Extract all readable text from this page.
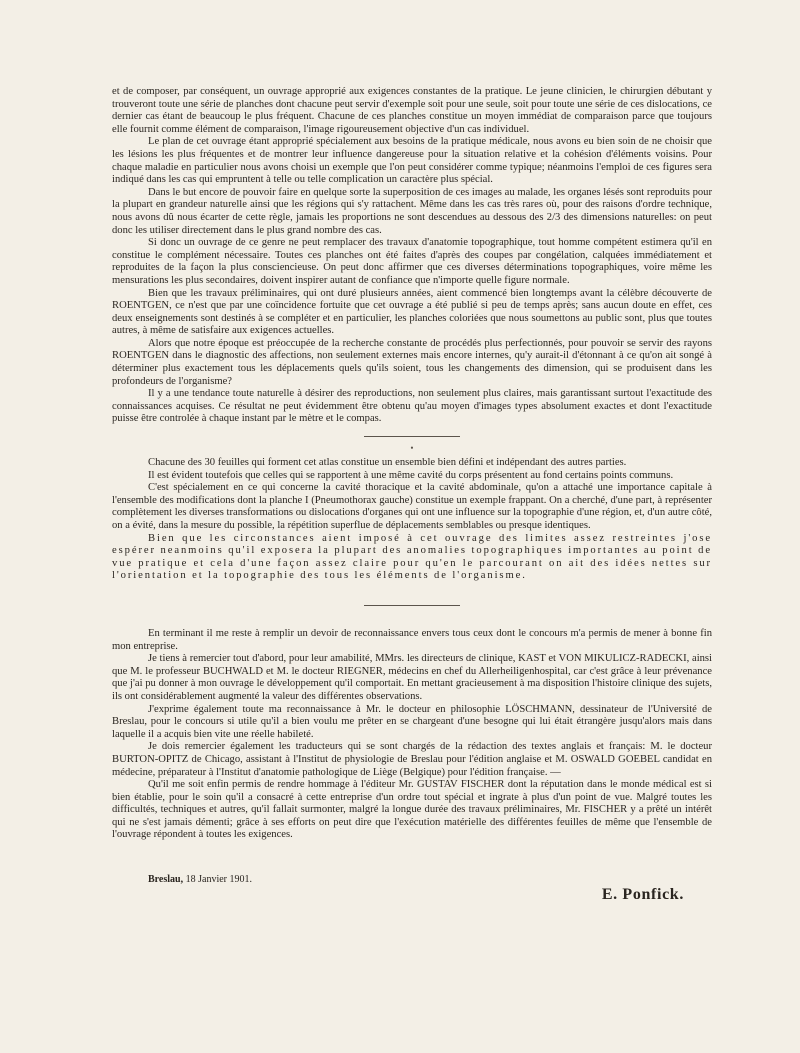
et de composer, par conséquent, un ouvrage approprié aux exigences constantes de la pratique. Le jeune clinicien, le chirurgien débutant y trouveront toute une série de planches dont chacune peut servir d'exemple soit pour une seule, soit pour toute une série de ces dislocations, ce dernier cas étant de beaucoup le plus fréquent. Chacune de ces planches constitue un moyen immédiat de comparaison parce que toujours elle fournit comme élément de comparaison, l'image rigoureusement objective d'un cas individuel.

Le plan de cet ouvrage étant approprié spécialement aux besoins de la pratique médicale, nous avons eu bien soin de ne choisir que les lésions les plus fréquentes et de montrer leur influence dangereuse pour la situation relative et la cohésion d'éléments voisins. Pour chaque maladie en particulier nous avons choisi un exemple que l'on peut considérer comme typique; néanmoins l'emploi de ces figures sera indiqué dans les cas qui empruntent à telle ou telle complication un caractère plus spécial.

Dans le but encore de pouvoir faire en quelque sorte la superposition de ces images au malade, les organes lésés sont reproduits pour la plupart en grandeur naturelle ainsi que les régions qui s'y rattachent. Même dans les cas très rares où, pour des raisons d'ordre technique, nous avons dû nous écarter de cette règle, jamais les proportions ne sont descendues au dessous des 2/3 des dimensions naturelles: on peut donc les utiliser directement dans le plus grand nombre des cas.

Si donc un ouvrage de ce genre ne peut remplacer des travaux d'anatomie topographique, tout homme compétent estimera qu'il en constitue le complément nécessaire. Toutes ces planches ont été faites d'après des coupes par congélation, calquées immédiatement et reproduites de la façon la plus consciencieuse. On peut donc affirmer que ces diverses déterminations topographiques, voire même les mensurations les plus secondaires, doivent inspirer autant de confiance que n'importe quelle figure normale.

Bien que les travaux préliminaires, qui ont duré plusieurs années, aient commencé bien longtemps avant la célèbre découverte de ROENTGEN, ce n'est que par une coïncidence fortuite que cet ouvrage a été publié si peu de temps après; sans aucun doute en effet, ces deux enseignements sont destinés à se compléter et en particulier, les planches coloriées que nous soumettons au public sont, plus que toutes autres, à même de satisfaire aux exigences actuelles.

Alors que notre époque est préoccupée de la recherche constante de procédés plus perfectionnés, pour pouvoir se servir des rayons ROENTGEN dans le diagnostic des affections, non seulement externes mais encore internes, qu'y aurait-il d'étonnant à ce qu'on ait songé à déterminer plus exactement tous les déplacements quels qu'ils soient, tous les changements des dimension, qui se produisent dans les profondeurs de l'organisme?

Il y a une tendance toute naturelle à désirer des reproductions, non seulement plus claires, mais garantissant surtout l'exactitude des connaissances acquises. Ce résultat ne peut évidemment être obtenu qu'au moyen d'images types absolument exactes et dont l'exactitude puisse être controlée à chaque instant par le mètre et le compas.

•

Chacune des 30 feuilles qui forment cet atlas constitue un ensemble bien défini et indépendant des autres parties.

Il est évident toutefois que celles qui se rapportent à une même cavité du corps présentent au fond certains points communs.

C'est spécialement en ce qui concerne la cavité thoracique et la cavité abdominale, qu'on a attaché une importance capitale à l'ensemble des modifications dont la planche I (Pneumothorax gauche) constitue un exemple frappant. On a cherché, d'une part, à représenter complètement les diverses transformations ou dislocations d'organes qui ont une influence sur la topographie d'une région, et, d'un autre côté, on a évité, dans la mesure du possible, la répétition superflue de déplacements semblables ou presque identiques.

Bien que les circonstances aient imposé à cet ouvrage des limites assez restreintes j'ose espérer neanmoins qu'il exposera la plupart des anomalies topographiques importantes au point de vue pratique et cela d'une façon assez claire pour qu'en le parcourant on ait des idées nettes sur l'orientation et la topographie des tous les éléments de l'organisme.

En terminant il me reste à remplir un devoir de reconnaissance envers tous ceux dont le concours m'a permis de mener à bonne fin mon entreprise.

Je tiens à remercier tout d'abord, pour leur amabilité, MMrs. les directeurs de clinique, KAST et VON MIKULICZ-RADECKI, ainsi que M. le professeur BUCHWALD et M. le docteur RIEGNER, médecins en chef du Allerheiligenhospital, car c'est grâce à leur prévenance que j'ai pu donner à mon ouvrage le développement qu'il comportait. En mettant gracieusement à ma disposition l'histoire clinique des sujets, ils ont considérablement augmenté la valeur des différentes observations.

J'exprime également toute ma reconnaissance à Mr. le docteur en philosophie LÖSCHMANN, dessinateur de l'Université de Breslau, pour le concours si utile qu'il a bien voulu me prêter en se chargeant d'une besogne qui lui était étrangère jusqu'alors mais dans laquelle il a acquis bien vite une réelle habileté.

Je dois remercier également les traducteurs qui se sont chargés de la rédaction des textes anglais et français: M. le docteur BURTON-OPITZ de Chicago, assistant à l'Institut de physiologie de Breslau pour l'édition anglaise et M. OSWALD GOEBEL candidat en médecine, préparateur à l'Institut d'anatomie pathologique de Liège (Belgique) pour l'édition française. —

Qu'il me soit enfin permis de rendre hommage à l'éditeur Mr. GUSTAV FISCHER dont la réputation dans le monde médical est si bien établie, pour le soin qu'il a consacré à cette entreprise d'un ordre tout spécial et ingrate à plus d'un point de vue. Malgré toutes les difficultés, techniques et autres, qu'il fallait surmonter, malgré la longue durée des travaux préliminaires, Mr. FISCHER y a prêté un intérêt qui ne s'est jamais démenti; grâce à ses efforts on peut dire que l'exécution matérielle des différentes feuilles de même que l'ensemble de l'ouvrage répondent à toutes les exigences.

Breslau, 18 Janvier 1901.
E. Ponfick.
